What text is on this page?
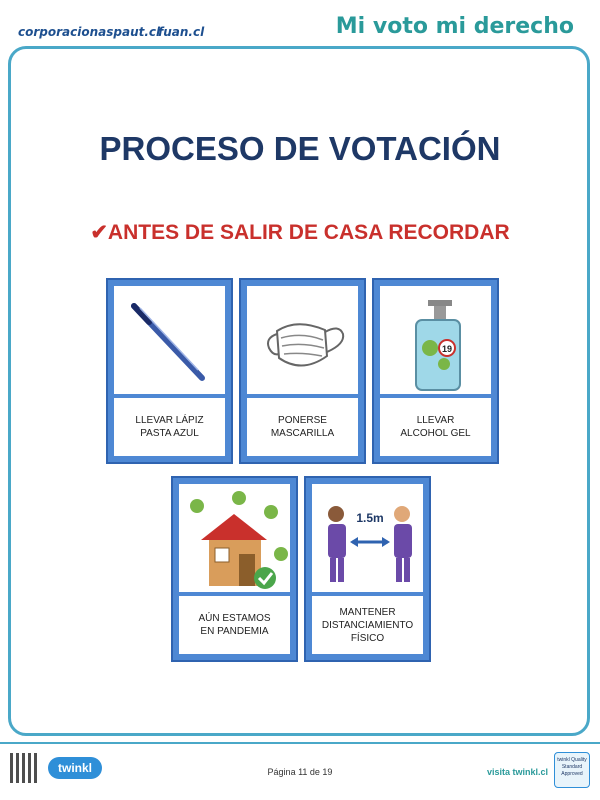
corporacionaspaut.cl
fuan.cl	Mi voto mi derecho
PROCESO DE VOTACIÓN
✔ANTES DE SALIR DE CASA RECORDAR
LLEVAR LÁPIZ
PASTA AZUL
PONERSE
MASCARILLA
19
LLEVAR
ALCOHOL GEL
AÚN ESTAMOS
EN PANDEMIA
1.5m
MANTENER
DISTANCIAMIENTO
FÍSICO
twinkl	Página 11 de 19	visita twinkl.cl
twinkl Quality Standard Approved
